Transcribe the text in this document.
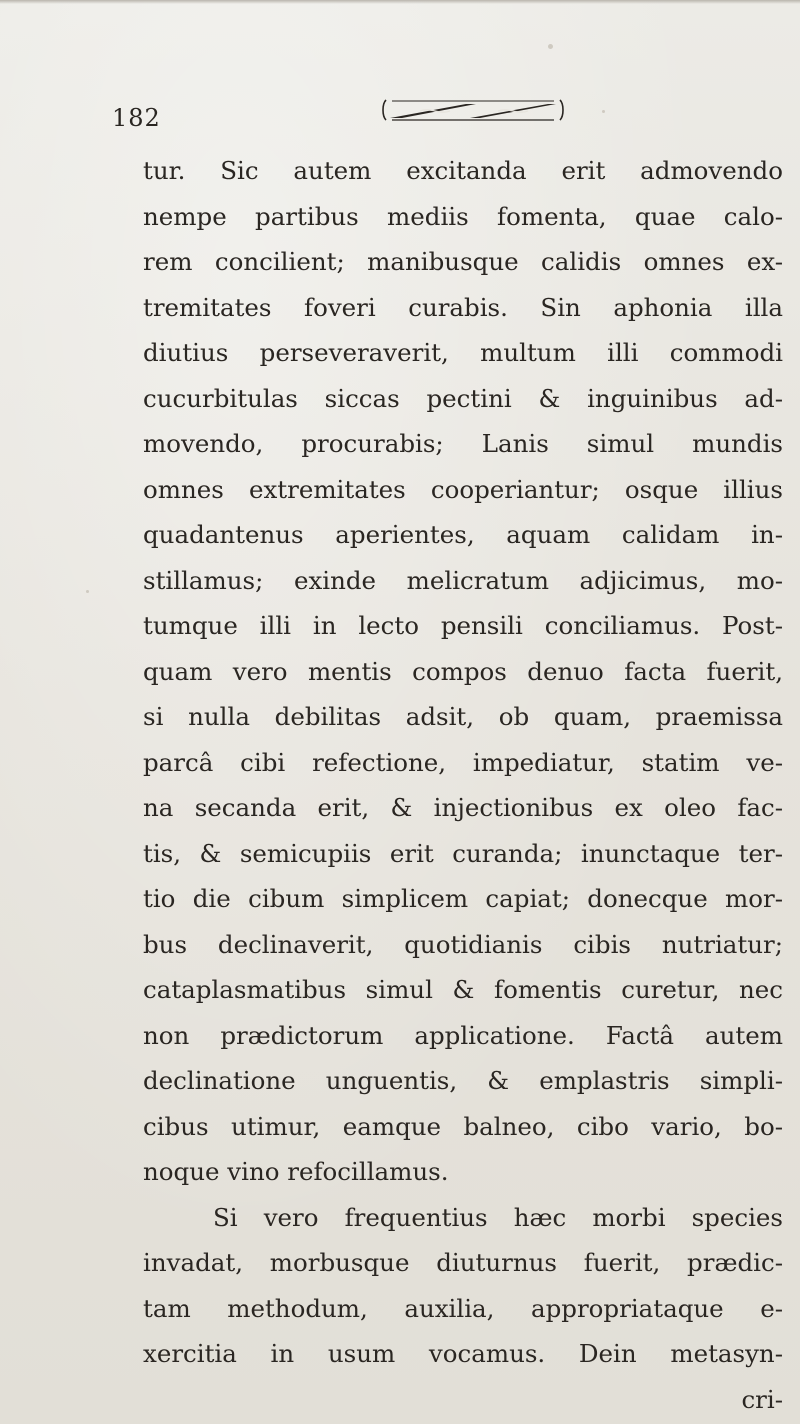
182
tur. Sic autem excitanda erit admovendo
nempe partibus mediis fomenta, quae calo-
rem concilient; manibusque calidis omnes ex-
tremitates foveri curabis. Sin aphonia illa
diutius perseveraverit, multum illi commodi
cucurbitulas siccas pectini & inguinibus ad-
movendo, procurabis; Lanis simul mundis
omnes extremitates cooperiantur; osque illius
quadantenus aperientes, aquam calidam in-
stillamus; exinde melicratum adjicimus, mo-
tumque illi in lecto pensili conciliamus. Post-
quam vero mentis compos denuo facta fuerit,
si nulla debilitas adsit, ob quam, praemissa
parcâ cibi refectione, impediatur, statim ve-
na secanda erit, & injectionibus ex oleo fac-
tis, & semicupiis erit curanda; inunctaque ter-
tio die cibum simplicem capiat; donecque mor-
bus declinaverit, quotidianis cibis nutriatur;
cataplasmatibus simul & fomentis curetur, nec
non prædictorum applicatione. Factâ autem
declinatione unguentis, & emplastris simpli-
cibus utimur, eamque balneo, cibo vario, bo-
noque vino refocillamus.
Si vero frequentius hæc morbi species
invadat, morbusque diuturnus fuerit, prædic-
tam methodum, auxilia, appropriataque e-
xercitia in usum vocamus. Dein metasyn-
cri-
